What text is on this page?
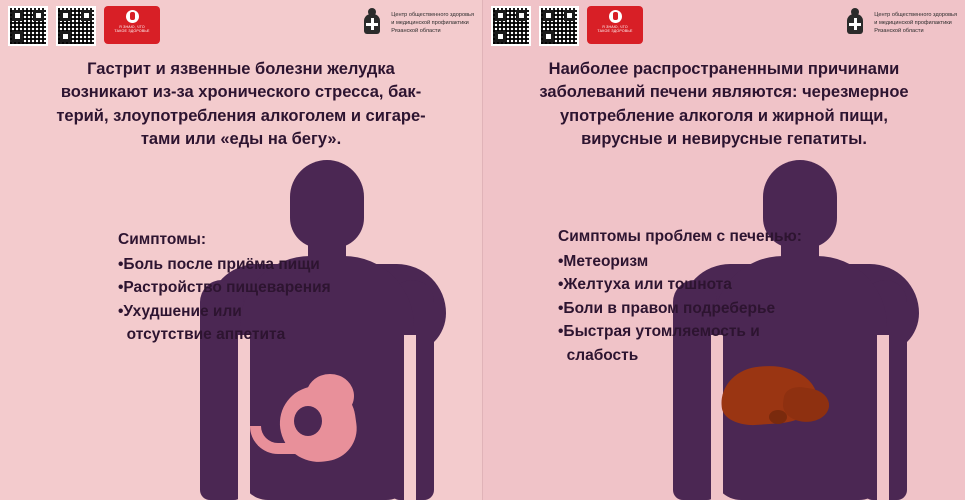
Я ЗНАЮ, ЧТО
ТАКОЕ ЗДОРОВЬЕ
Центр общественного здоровья
и медицинской профилактики
Рязанской области
Гастрит и язвенные болезни желудка
возникают из-за хронического стресса, бак-
терий, злоупотребления алкоголем и сигаре-
тами или «еды на бегу».
Симптомы:
•Боль после приёма пищи
•Растройство пищеварения
•Ухудшение или
отсутствие аппетита
Я ЗНАЮ, ЧТО
ТАКОЕ ЗДОРОВЬЕ
Центр общественного здоровья
и медицинской профилактики
Рязанской области
Наиболее распространенными причинами
заболеваний печени являются: черезмерное
употребление алкоголя и жирной пищи,
вирусные и невирусные гепатиты.
Симптомы проблем с печенью:
•Метеоризм
•Желтуха или тошнота
•Боли в правом подреберье
•Быстрая утомляемость и
слабость
